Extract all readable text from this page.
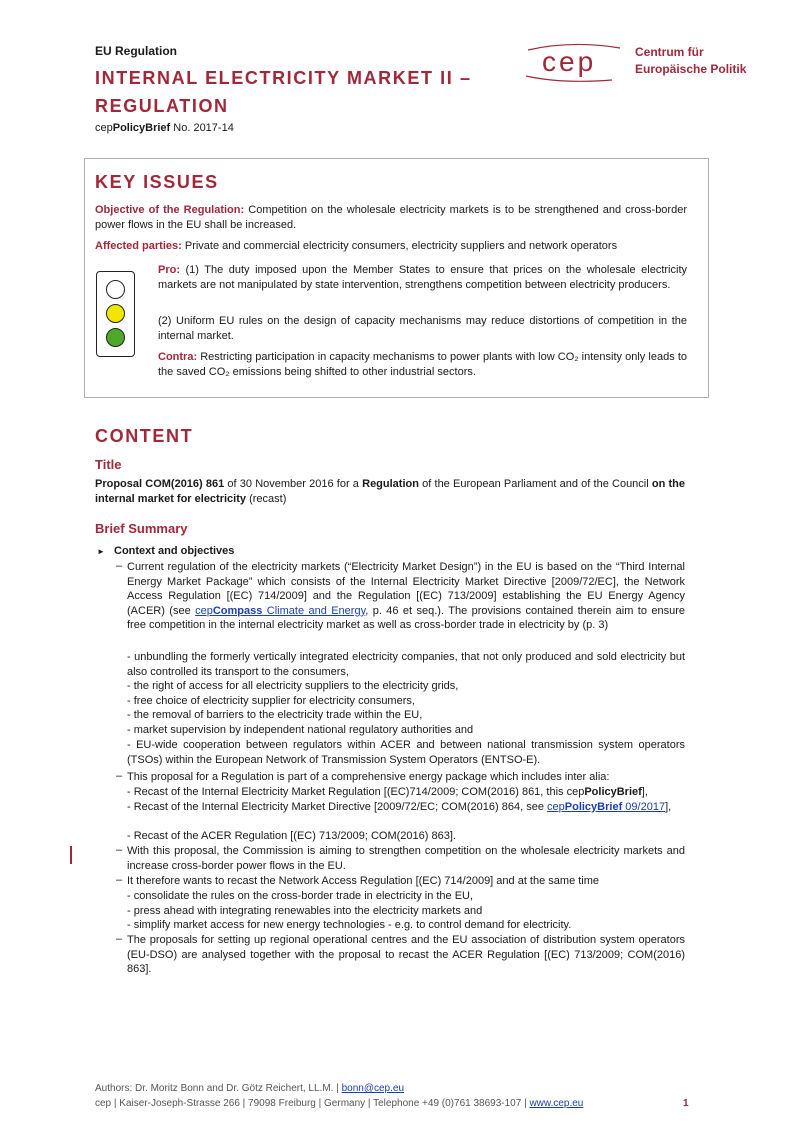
EU Regulation
INTERNAL ELECTRICITY MARKET II –
REGULATION
cepPolicyBrief No. 2017-14
cep	Centrum für
Europäische Politik
KEY ISSUES

Objective of the Regulation: Competition on the wholesale electricity markets is to be strengthened and cross-border power flows in the EU shall be increased.

Affected parties: Private and commercial electricity consumers, electricity suppliers and network operators

Pro: (1) The duty imposed upon the Member States to ensure that prices on the wholesale electricity markets are not manipulated by state intervention, strengthens competition between electricity producers.

(2) Uniform EU rules on the design of capacity mechanisms may reduce distortions of competition in the internal market.

Contra: Restricting participation in capacity mechanisms to power plants with low CO₂ intensity only leads to the saved CO₂ emissions being shifted to other industrial sectors.

CONTENT
Title

Proposal COM(2016) 861 of 30 November 2016 for a Regulation of the European Parliament and of the Council on the internal market for electricity (recast)

Brief Summary
► Context and objectives
– Current regulation of the electricity markets (“Electricity Market Design”) in the EU is based on the “Third Internal Energy Market Package” which consists of the Internal Electricity Market Directive [2009/72/EC], the Network Access Regulation [(EC) 714/2009] and the Regulation [(EC) 713/2009] establishing the EU Energy Agency (ACER) (see cepCompass Climate and Energy, p. 46 et seq.). The provisions contained therein aim to ensure free competition in the internal electricity market as well as cross-border trade in electricity by (p. 3)

- unbundling the formerly vertically integrated electricity companies, that not only produced and sold electricity but also controlled its transport to the consumers,

- the right of access for all electricity suppliers to the electricity grids,

- free choice of electricity supplier for electricity consumers,

- the removal of barriers to the electricity trade within the EU,

- market supervision by independent national regulatory authorities and

- EU-wide cooperation between regulators within ACER and between national transmission system operators (TSOs) within the European Network of Transmission System Operators (ENTSO-E).

– This proposal for a Regulation is part of a comprehensive energy package which includes inter alia:

- Recast of the Internal Electricity Market Regulation [(EC)714/2009; COM(2016) 861, this cepPolicyBrief],

- Recast of the Internal Electricity Market Directive [2009/72/EC; COM(2016) 864, see cepPolicyBrief 09/2017],

- Recast of the ACER Regulation [(EC) 713/2009; COM(2016) 863].

– With this proposal, the Commission is aiming to strengthen competition on the wholesale electricity markets and increase cross-border power flows in the EU.

– It therefore wants to recast the Network Access Regulation [(EC) 714/2009] and at the same time

- consolidate the rules on the cross-border trade in electricity in the EU,

- press ahead with integrating renewables into the electricity markets and

- simplify market access for new energy technologies - e.g. to control demand for electricity.

– The proposals for setting up regional operational centres and the EU association of distribution system operators (EU-DSO) are analysed together with the proposal to recast the ACER Regulation [(EC) 713/2009; COM(2016) 863].

Authors: Dr. Moritz Bonn and Dr. Götz Reichert, LL.M. | bonn@cep.eu
cep | Kaiser-Joseph-Strasse 266 | 79098 Freiburg | Germany | Telephone +49 (0)761 38693-107 | www.cep.eu	1
